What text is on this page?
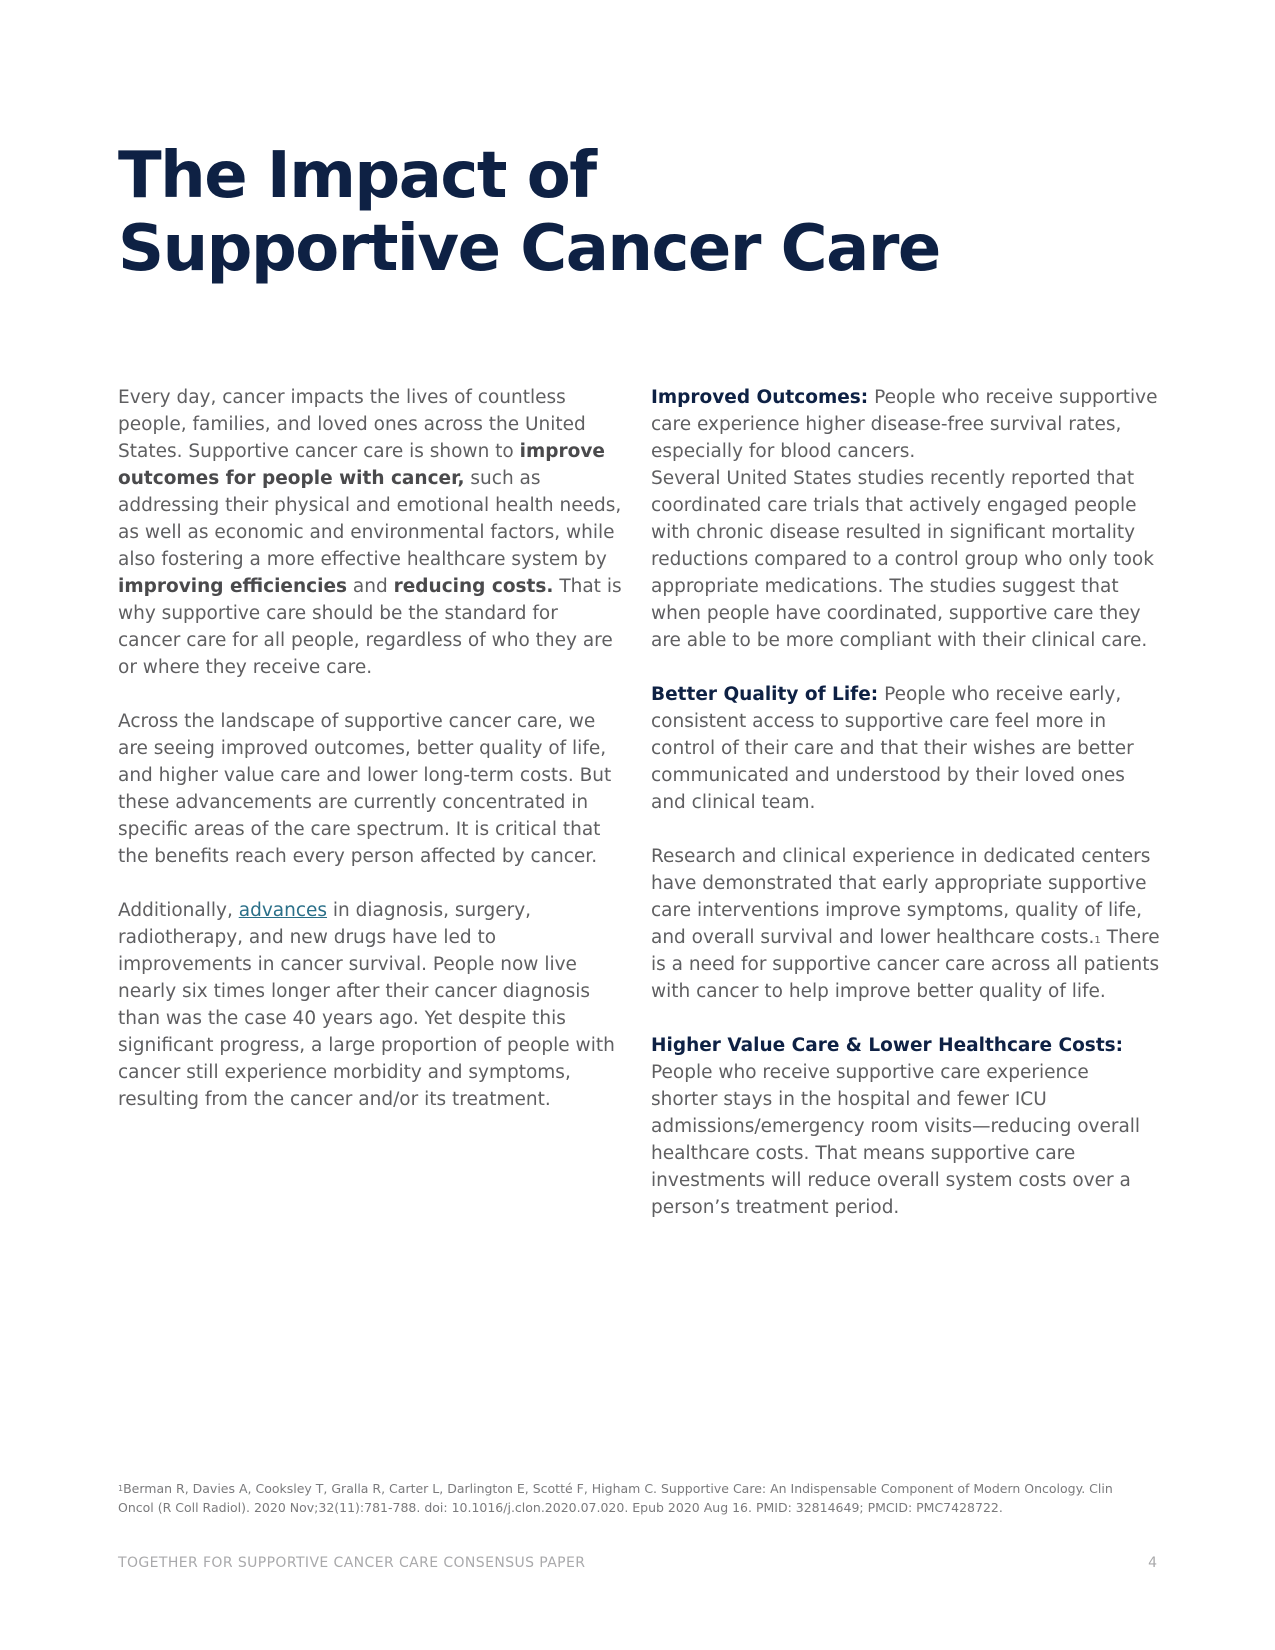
The Impact of
Supportive Cancer Care

Every day, cancer impacts the lives of countless people, families, and loved ones across the United States. Supportive cancer care is shown to improve outcomes for people with cancer, such as addressing their physical and emotional health needs, as well as economic and environmental factors, while also fostering a more effective healthcare system by improving efficiencies and reducing costs. That is why supportive care should be the standard for cancer care for all people, regardless of who they are or where they receive care.

Across the landscape of supportive cancer care, we are seeing improved outcomes, better quality of life, and higher value care and lower long-term costs. But these advancements are currently concentrated in specific areas of the care spectrum. It is critical that the benefits reach every person affected by cancer.

Additionally, advances in diagnosis, surgery, radiotherapy, and new drugs have led to improvements in cancer survival. People now live nearly six times longer after their cancer diagnosis than was the case 40 years ago. Yet despite this significant progress, a large proportion of people with cancer still experience morbidity and symptoms, resulting from the cancer and/or its treatment.

Improved Outcomes: People who receive supportive care experience higher disease-free survival rates, especially for blood cancers.

Several United States studies recently reported that coordinated care trials that actively engaged people with chronic disease resulted in significant mortality reductions compared to a control group who only took appropriate medications. The studies suggest that when people have coordinated, supportive care they are able to be more compliant with their clinical care.

Better Quality of Life: People who receive early, consistent access to supportive care feel more in control of their care and that their wishes are better communicated and understood by their loved ones and clinical team.

Research and clinical experience in dedicated centers have demonstrated that early appropriate supportive care interventions improve symptoms, quality of life, and overall survival and lower healthcare costs.$^1$ There is a need for supportive cancer care across all patients with cancer to help improve better quality of life.

Higher Value Care & Lower Healthcare Costs: People who receive supportive care experience shorter stays in the hospital and fewer ICU admissions/emergency room visits—reducing overall healthcare costs. That means supportive care investments will reduce overall system costs over a person’s treatment period.

$^1$Berman R, Davies A, Cooksley T, Gralla R, Carter L, Darlington E, Scotté F, Higham C. Supportive Care: An Indispensable Component of Modern Oncology. Clin Oncol (R Coll Radiol). 2020 Nov;32(11):781-788. doi: 10.1016/j.clon.2020.07.020. Epub 2020 Aug 16. PMID: 32814649; PMCID: PMC7428722.

TOGETHER FOR SUPPORTIVE CANCER CARE CONSENSUS PAPER	4
